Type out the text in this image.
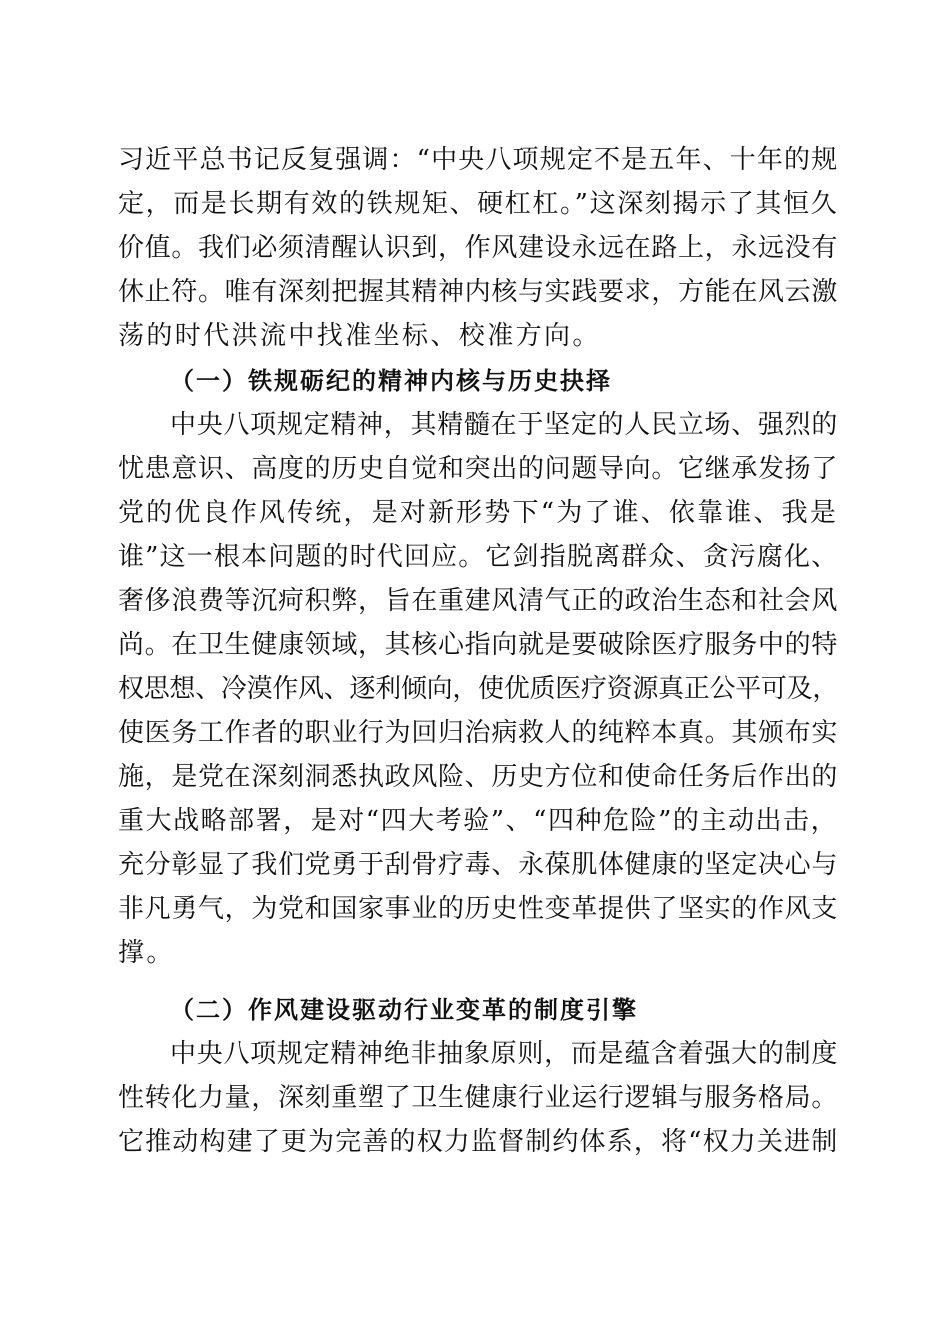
习近平总书记反复强调：“中央八项规定不是五年、十年的规
定，而是长期有效的铁规矩、硬杠杠。”这深刻揭示了其恒久
价值。我们必须清醒认识到，作风建设永远在路上，永远没有
休止符。唯有深刻把握其精神内核与实践要求，方能在风云激
荡的时代洪流中找准坐标、校准方向。
（一）铁规砺纪的精神内核与历史抉择
中央八项规定精神，其精髓在于坚定的人民立场、强烈的
忧患意识、高度的历史自觉和突出的问题导向。它继承发扬了
党的优良作风传统，是对新形势下“为了谁、依靠谁、我是
谁”这一根本问题的时代回应。它剑指脱离群众、贪污腐化、
奢侈浪费等沉疴积弊，旨在重建风清气正的政治生态和社会风
尚。在卫生健康领域，其核心指向就是要破除医疗服务中的特
权思想、冷漠作风、逐利倾向，使优质医疗资源真正公平可及，
使医务工作者的职业行为回归治病救人的纯粹本真。其颁布实
施，是党在深刻洞悉执政风险、历史方位和使命任务后作出的
重大战略部署，是对“四大考验”、“四种危险”的主动出击，
充分彰显了我们党勇于刮骨疗毒、永葆肌体健康的坚定决心与
非凡勇气，为党和国家事业的历史性变革提供了坚实的作风支
撑。
（二）作风建设驱动行业变革的制度引擎
中央八项规定精神绝非抽象原则，而是蕴含着强大的制度
性转化力量，深刻重塑了卫生健康行业运行逻辑与服务格局。
它推动构建了更为完善的权力监督制约体系，将“权力关进制
